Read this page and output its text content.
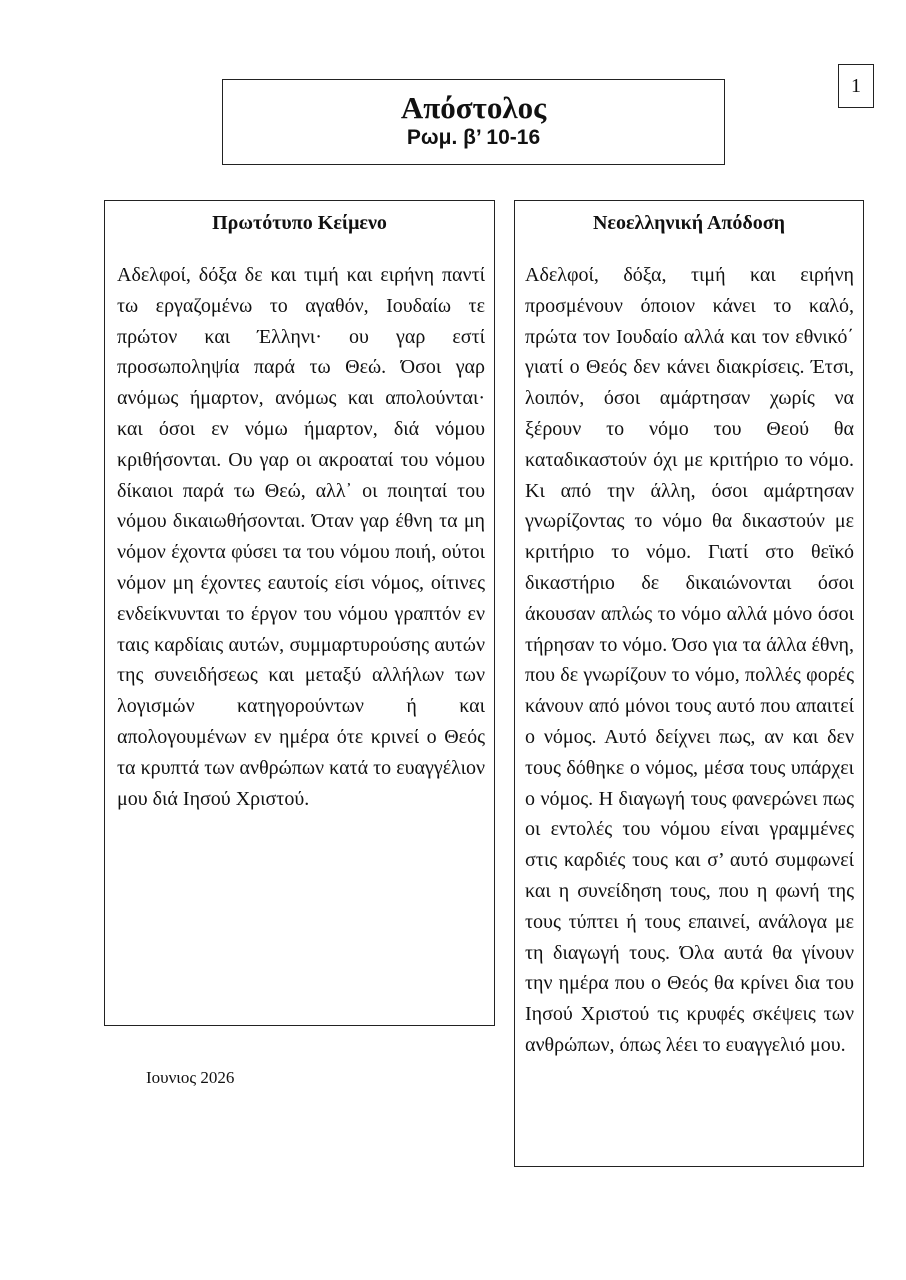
1
Απόστολος
Ρωμ. β’ 10-16
Πρωτότυπο Κείμενο
Αδελφοί, δόξα δε και τιμή και ειρήνη παντί τω εργαζομένω το αγαθόν, Ιουδαίω τε πρώτον και Έλληνι· ου γαρ εστί προσωποληψία παρά τω Θεώ. Όσοι γαρ ανόμως ήμαρτον, ανόμως και απολούνται· και όσοι εν νόμω ήμαρτον, διά νόμου κριθήσονται. Ου γαρ οι ακροαταί του νόμου δίκαιοι παρά τω Θεώ, αλλ᾽ οι ποιηταί του νόμου δικαιωθήσονται. Όταν γαρ έθνη τα μη νόμον έχοντα φύσει τα του νόμου ποιή, ούτοι νόμον μη έχοντες εαυτοίς είσι νόμος, οίτινες ενδείκνυνται το έργον του νόμου γραπτόν εν ταις καρδίαις αυτών, συμμαρτυρούσης αυτών της συνειδήσεως και μεταξύ αλλήλων των λογισμών κατηγορούντων ή και απολογουμένων εν ημέρα ότε κρινεί ο Θεός τα κρυπτά των ανθρώπων κατά το ευαγγέλιον μου διά Ιησού Χριστού.
Νεοελληνική Απόδοση
Αδελφοί, δόξα, τιμή και ειρήνη προσμένουν όποιον κάνει το καλό, πρώτα τον Ιουδαίο αλλά και τον εθνικό΄ γιατί ο Θεός δεν κάνει διακρίσεις. Έτσι, λοιπόν, όσοι αμάρτησαν χωρίς να ξέρουν το νόμο του Θεού θα καταδικαστούν όχι με κριτήριο το νόμο. Κι από την άλλη, όσοι αμάρτησαν γνωρίζοντας το νόμο θα δικαστούν με κριτήριο το νόμο. Γιατί στο θεϊκό δικαστήριο δε δικαιώνονται όσοι άκουσαν απλώς το νόμο αλλά μόνο όσοι τήρησαν το νόμο. Όσο για τα άλλα έθνη, που δε γνωρίζουν το νόμο, πολλές φορές κάνουν από μόνοι τους αυτό που απαιτεί ο νόμος. Αυτό δείχνει πως, αν και δεν τους δόθηκε ο νόμος, μέσα τους υπάρχει ο νόμος. Η διαγωγή τους φανερώνει πως οι εντολές του νόμου είναι γραμμένες στις καρδιές τους και σ’ αυτό συμφωνεί και η συνείδηση τους, που η φωνή της τους τύπτει ή τους επαινεί, ανάλογα με τη διαγωγή τους. Όλα αυτά θα γίνουν την ημέρα που ο Θεός θα κρίνει δια του Ιησού Χριστού τις κρυφές σκέψεις των ανθρώπων, όπως λέει το ευαγγελιό μου.
Ιουνιος 2026
